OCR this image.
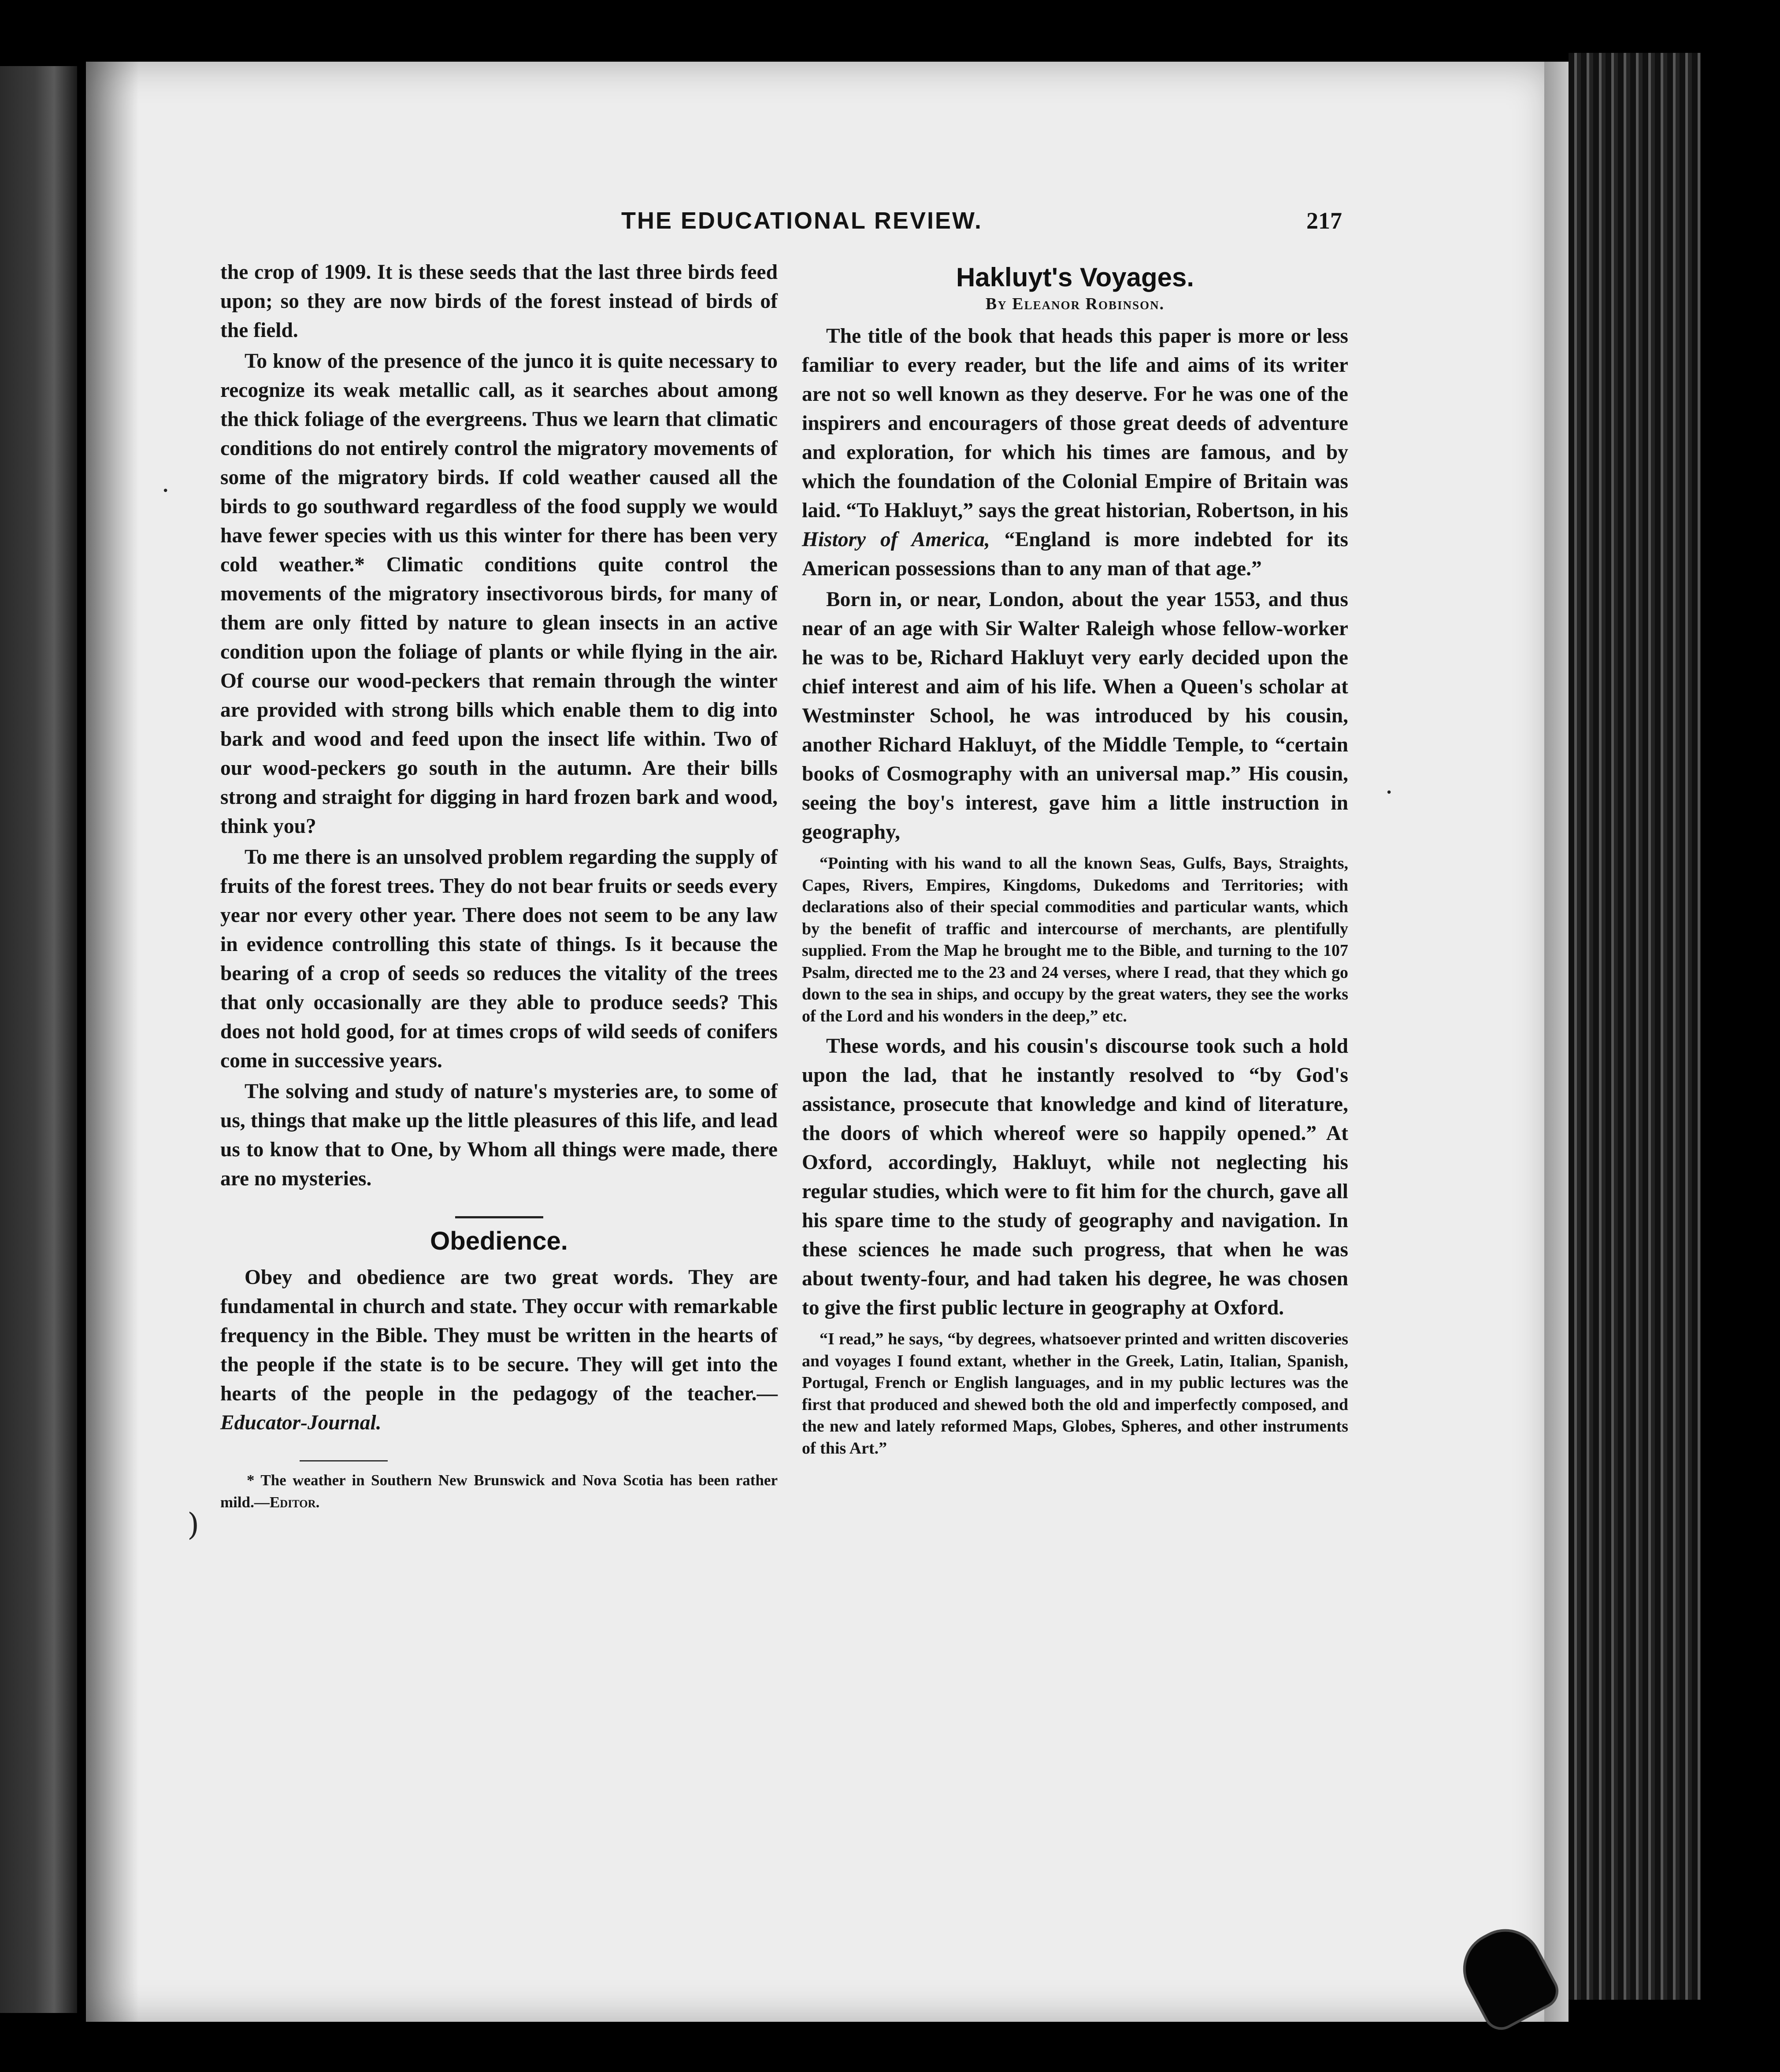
•
•
)
THE EDUCATIONAL REVIEW.	217

the crop of 1909. It is these seeds that the last three birds feed upon; so they are now birds of the forest instead of birds of the field.

To know of the presence of the junco it is quite necessary to recognize its weak metallic call, as it searches about among the thick foliage of the evergreens. Thus we learn that climatic conditions do not entirely control the migratory movements of some of the migratory birds. If cold weather caused all the birds to go southward regardless of the food supply we would have fewer species with us this winter for there has been very cold weather.* Climatic conditions quite control the movements of the migratory insectivorous birds, for many of them are only fitted by nature to glean insects in an active condition upon the foliage of plants or while flying in the air. Of course our wood-peckers that remain through the winter are provided with strong bills which enable them to dig into bark and wood and feed upon the insect life within. Two of our wood-peckers go south in the autumn. Are their bills strong and straight for digging in hard frozen bark and wood, think you?

To me there is an unsolved problem regarding the supply of fruits of the forest trees. They do not bear fruits or seeds every year nor every other year. There does not seem to be any law in evidence controlling this state of things. Is it because the bearing of a crop of seeds so reduces the vitality of the trees that only occasionally are they able to produce seeds? This does not hold good, for at times crops of wild seeds of conifers come in successive years.

The solving and study of nature's mysteries are, to some of us, things that make up the little pleasures of this life, and lead us to know that to One, by Whom all things were made, there are no mysteries.

Obedience.

Obey and obedience are two great words. They are fundamental in church and state. They occur with remarkable frequency in the Bible. They must be written in the hearts of the people if the state is to be secure. They will get into the hearts of the people in the pedagogy of the teacher.— Educator-Journal.

* The weather in Southern New Brunswick and Nova Scotia has been rather mild.—Editor.

Hakluyt's Voyages.

By Eleanor Robinson.

The title of the book that heads this paper is more or less familiar to every reader, but the life and aims of its writer are not so well known as they deserve. For he was one of the inspirers and encouragers of those great deeds of adventure and exploration, for which his times are famous, and by which the foundation of the Colonial Empire of Britain was laid. “To Hakluyt,” says the great historian, Robertson, in his History of America, “England is more indebted for its American possessions than to any man of that age.”

Born in, or near, London, about the year 1553, and thus near of an age with Sir Walter Raleigh whose fellow-worker he was to be, Richard Hakluyt very early decided upon the chief interest and aim of his life. When a Queen's scholar at Westminster School, he was introduced by his cousin, another Richard Hakluyt, of the Middle Temple, to “certain books of Cosmography with an universal map.” His cousin, seeing the boy's interest, gave him a little instruction in geography,

“Pointing with his wand to all the known Seas, Gulfs, Bays, Straights, Capes, Rivers, Empires, Kingdoms, Dukedoms and Territories; with declarations also of their special commodities and particular wants, which by the benefit of traffic and intercourse of merchants, are plentifully supplied. From the Map he brought me to the Bible, and turning to the 107 Psalm, directed me to the 23 and 24 verses, where I read, that they which go down to the sea in ships, and occupy by the great waters, they see the works of the Lord and his wonders in the deep,” etc.

These words, and his cousin's discourse took such a hold upon the lad, that he instantly resolved to “by God's assistance, prosecute that knowledge and kind of literature, the doors of which whereof were so happily opened.” At Oxford, accordingly, Hakluyt, while not neglecting his regular studies, which were to fit him for the church, gave all his spare time to the study of geography and navigation. In these sciences he made such progress, that when he was about twenty-four, and had taken his degree, he was chosen to give the first public lecture in geography at Oxford.

“I read,” he says, “by degrees, whatsoever printed and written discoveries and voyages I found extant, whether in the Greek, Latin, Italian, Spanish, Portugal, French or English languages, and in my public lectures was the first that produced and shewed both the old and imperfectly composed, and the new and lately reformed Maps, Globes, Spheres, and other instruments of this Art.”
